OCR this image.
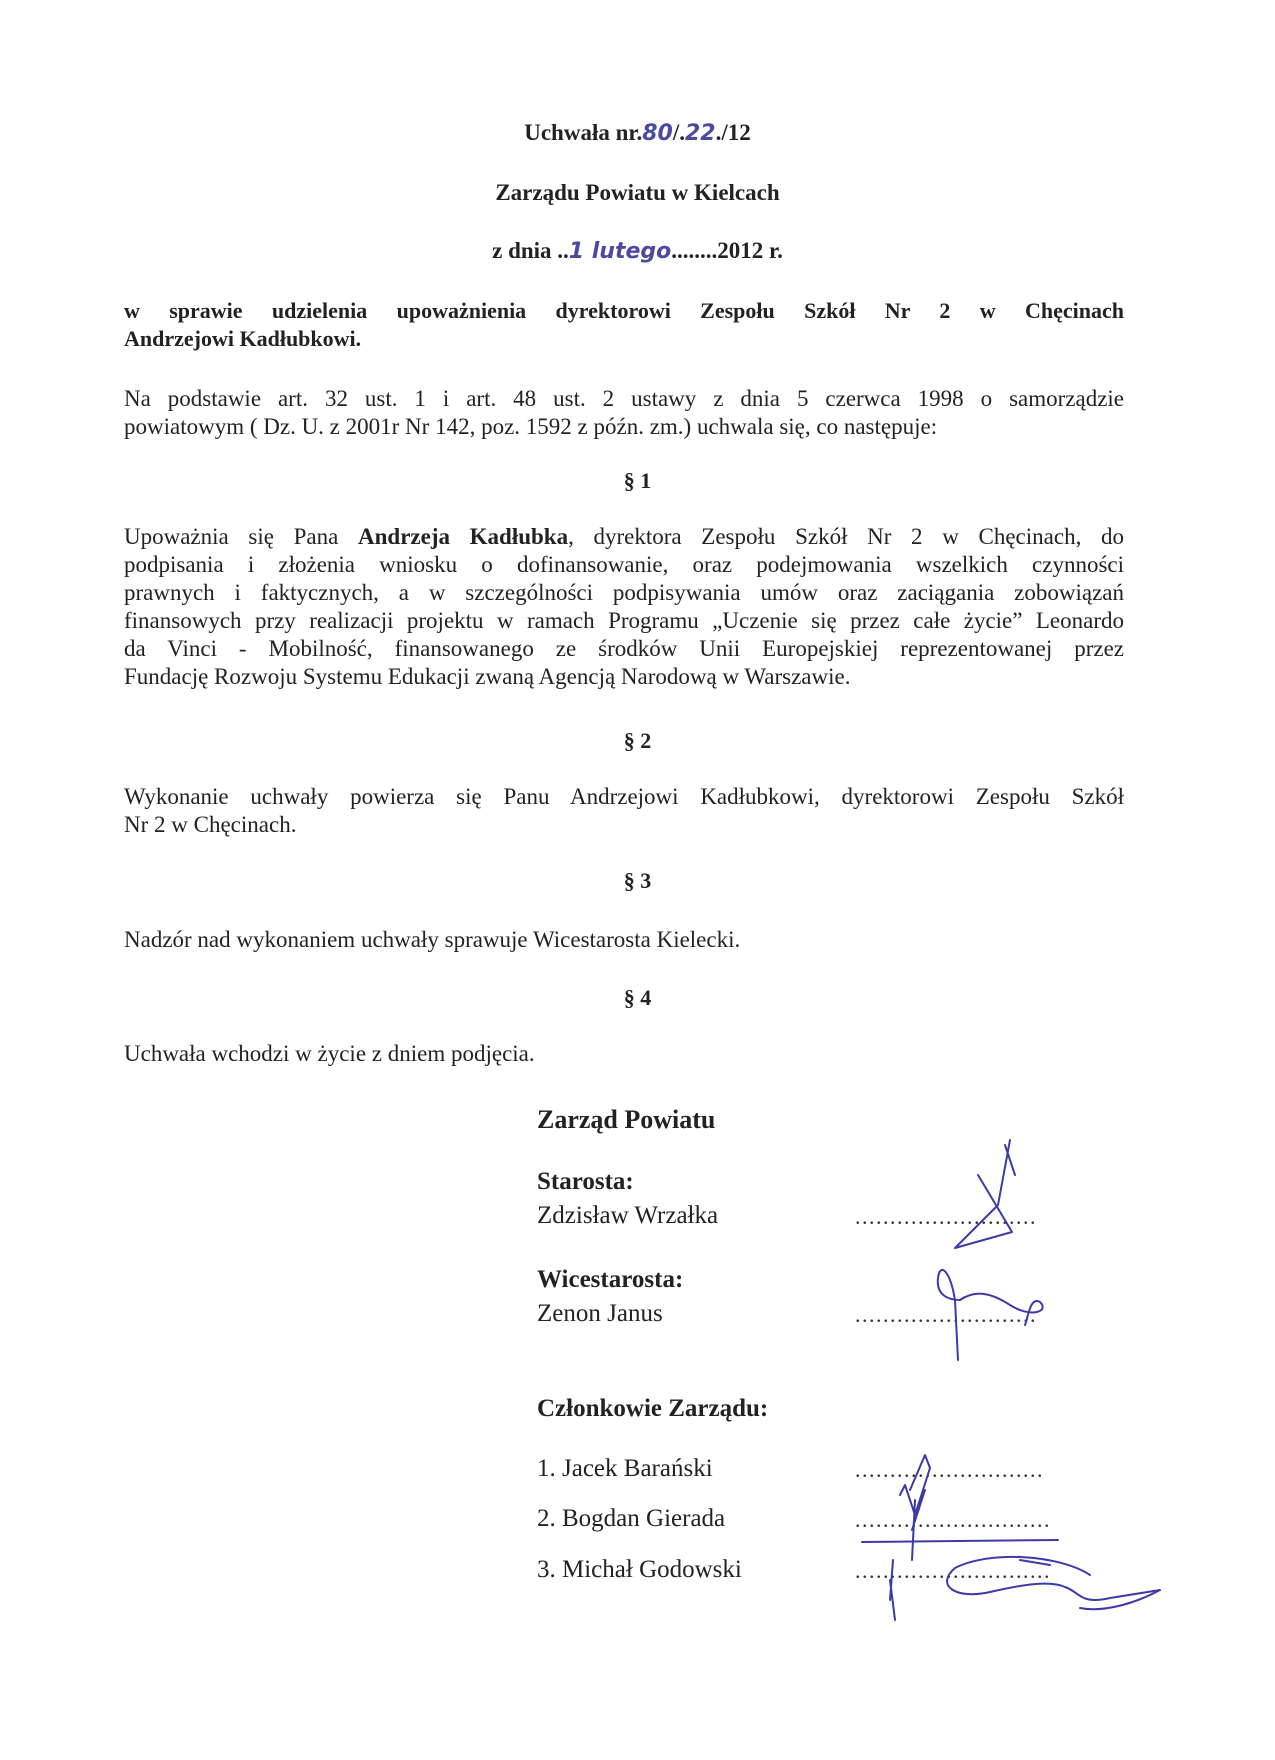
Uchwała nr.80/.22./12
Zarządu Powiatu w Kielcach
z dnia ..1 lutego........2012 r.
w sprawie udzielenia upoważnienia dyrektorowi Zespołu Szkół Nr 2 w Chęcinach
Andrzejowi Kadłubkowi.
Na podstawie art. 32 ust. 1 i art. 48 ust. 2 ustawy z dnia 5 czerwca 1998 o samorządzie
powiatowym ( Dz. U. z 2001r Nr 142, poz. 1592 z późn. zm.) uchwala się, co następuje:
§ 1
Upoważnia się Pana Andrzeja Kadłubka, dyrektora Zespołu Szkół Nr 2 w Chęcinach, do
podpisania i złożenia wniosku o dofinansowanie, oraz podejmowania wszelkich czynności
prawnych i faktycznych, a w szczególności podpisywania umów oraz zaciągania zobowiązań
finansowych przy realizacji projektu w ramach Programu „Uczenie się przez całe życie” Leonardo
da Vinci - Mobilność, finansowanego ze środków Unii Europejskiej reprezentowanej przez
Fundację Rozwoju Systemu Edukacji zwaną Agencją Narodową w Warszawie.
§ 2
Wykonanie uchwały powierza się Panu Andrzejowi Kadłubkowi, dyrektorowi Zespołu Szkół
Nr 2 w Chęcinach.
§ 3
Nadzór nad wykonaniem uchwały sprawuje Wicestarosta Kielecki.
§ 4
Uchwała wchodzi w życie z dniem podjęcia.
Zarząd Powiatu
Starosta:
Zdzisław Wrzałka	..........................
Wicestarosta:
Zenon Janus	..........................
Członkowie Zarządu:
1. Jacek Barański	...........................
2. Bogdan Gierada	............................
3. Michał Godowski	............................
